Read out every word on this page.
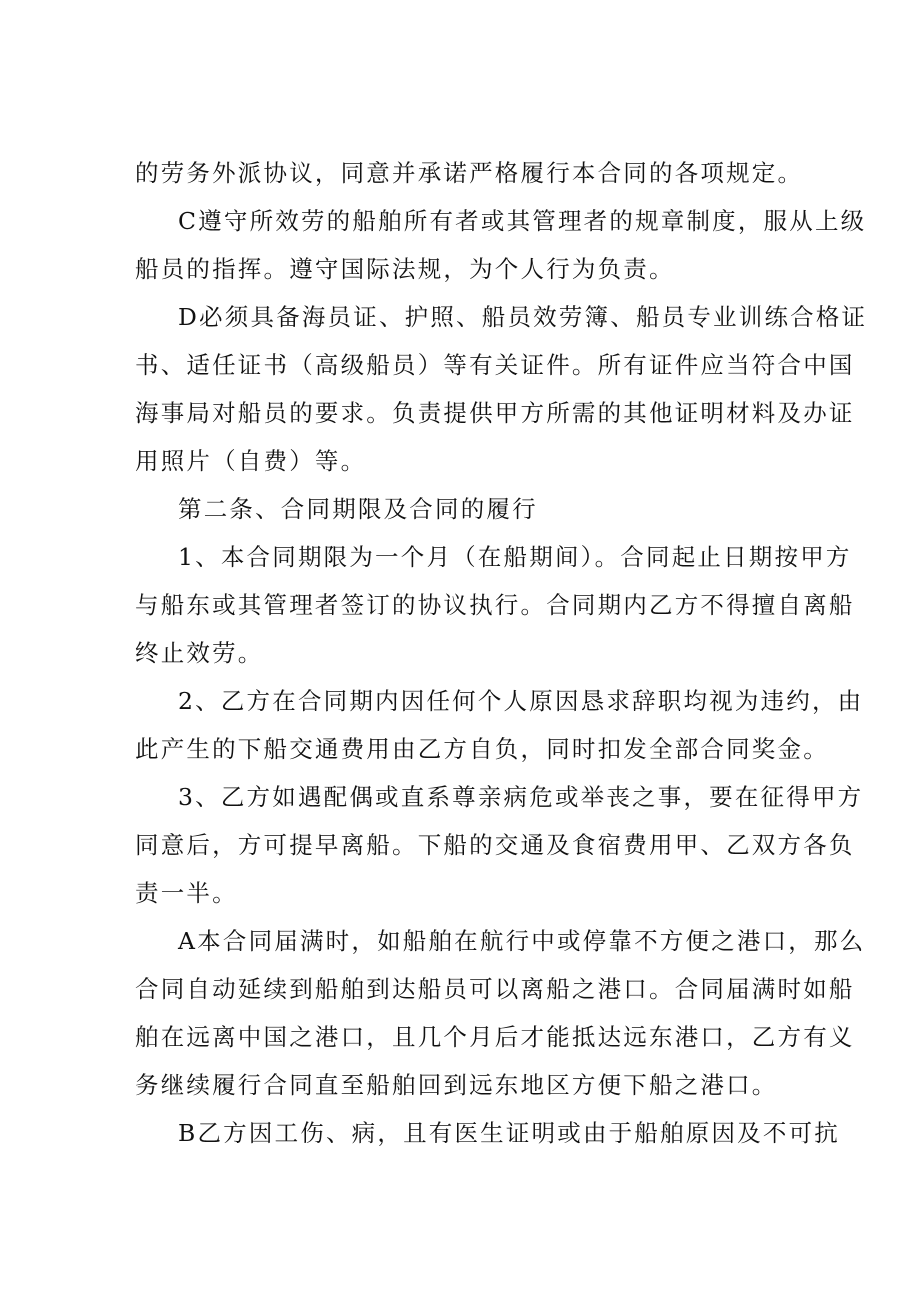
的劳务外派协议，同意并承诺严格履行本合同的各项规定。
C遵守所效劳的船舶所有者或其管理者的规章制度，服从上级
船员的指挥。遵守国际法规，为个人行为负责。
D必须具备海员证、护照、船员效劳簿、船员专业训练合格证
书、适任证书（高级船员）等有关证件。所有证件应当符合中国
海事局对船员的要求。负责提供甲方所需的其他证明材料及办证
用照片（自费）等。
第二条、合同期限及合同的履行
1、本合同期限为一个月（在船期间）。合同起止日期按甲方
与船东或其管理者签订的协议执行。合同期内乙方不得擅自离船
终止效劳。
2、乙方在合同期内因任何个人原因恳求辞职均视为违约，由
此产生的下船交通费用由乙方自负，同时扣发全部合同奖金。
3、乙方如遇配偶或直系尊亲病危或举丧之事，要在征得甲方
同意后，方可提早离船。下船的交通及食宿费用甲、乙双方各负
责一半。
A本合同届满时，如船舶在航行中或停靠不方便之港口，那么
合同自动延续到船舶到达船员可以离船之港口。合同届满时如船
舶在远离中国之港口，且几个月后才能抵达远东港口，乙方有义
务继续履行合同直至船舶回到远东地区方便下船之港口。
B乙方因工伤、病，且有医生证明或由于船舶原因及不可抗
